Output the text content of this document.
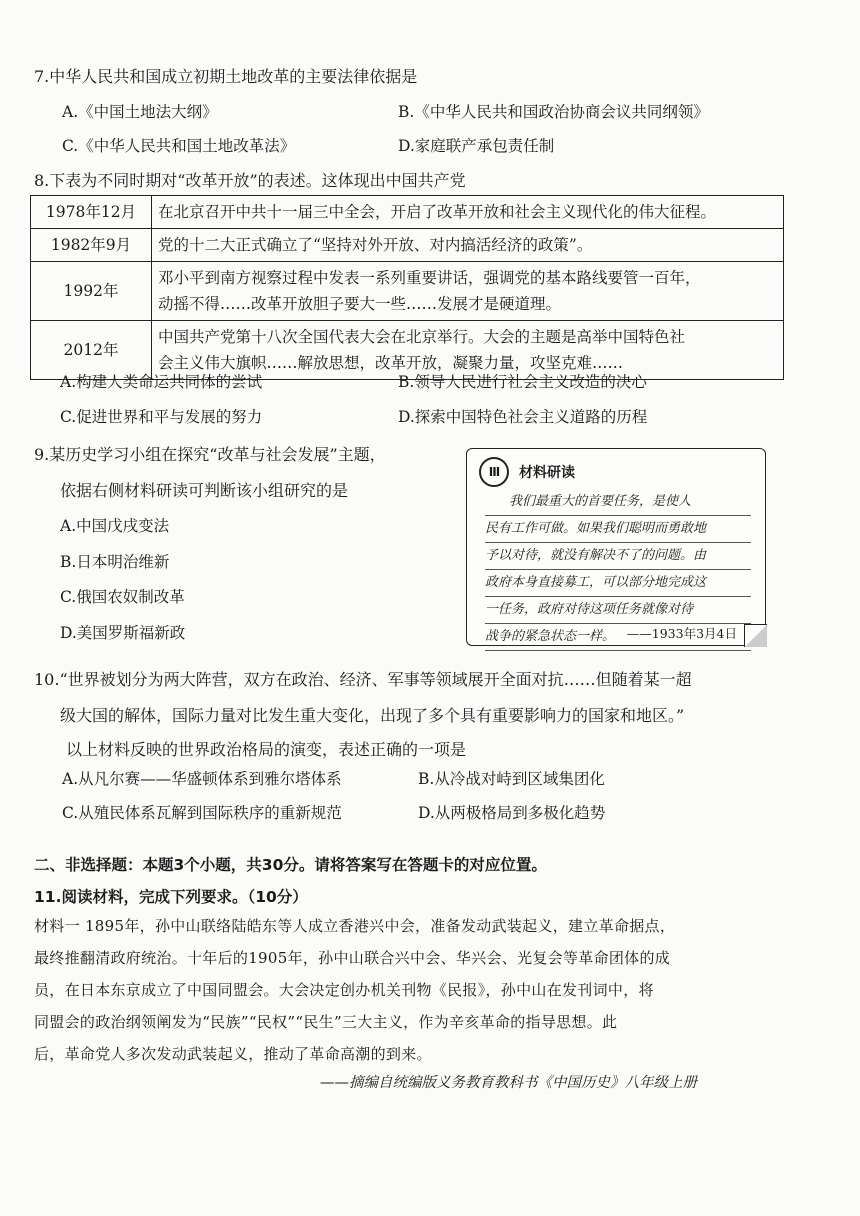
7.中华人民共和国成立初期土地改革的主要法律依据是
A.《中国土地法大纲》	B.《中华人民共和国政治协商会议共同纲领》
C.《中华人民共和国土地改革法》	D.家庭联产承包责任制
8.下表为不同时期对“改革开放”的表述。这体现出中国共产党
1978年12月	在北京召开中共十一届三中全会，开启了改革开放和社会主义现代化的伟大征程。
1982年9月	党的十二大正式确立了“坚持对外开放、对内搞活经济的政策”。
1992年	邓小平到南方视察过程中发表一系列重要讲话，强调党的基本路线要管一百年，
动摇不得……改革开放胆子要大一些……发展才是硬道理。

2012年	中国共产党第十八次全国代表大会在北京举行。大会的主题是高举中国特色社
会主义伟大旗帜……解放思想，改革开放，凝聚力量，攻坚克难……
A.构建人类命运共同体的尝试	B.领导人民进行社会主义改造的决心
C.促进世界和平与发展的努力	D.探索中国特色社会主义道路的历程
9.某历史学习小组在探究“改革与社会发展”主题，
依据右侧材料研读可判断该小组研究的是
A.中国戊戌变法
B.日本明治维新
C.俄国农奴制改革
D.美国罗斯福新政
III	材料研读
我们最重大的首要任务，是使人
民有工作可做。如果我们聪明而勇敢地
予以对待，就没有解决不了的问题。由
政府本身直接募工，可以部分地完成这
一任务，政府对待这项任务就像对待
战争的紧急状态一样。 ——1933年3月4日
10.“世界被划分为两大阵营，双方在政治、经济、军事等领域展开全面对抗……但随着某一超
级大国的解体，国际力量对比发生重大变化，出现了多个具有重要影响力的国家和地区。”
以上材料反映的世界政治格局的演变，表述正确的一项是
A.从凡尔赛——华盛顿体系到雅尔塔体系	B.从冷战对峙到区域集团化
C.从殖民体系瓦解到国际秩序的重新规范	D.从两极格局到多极化趋势
二、非选择题：本题3个小题，共30分。请将答案写在答题卡的对应位置。
11.阅读材料，完成下列要求。（10分）
材料一 1895年，孙中山联络陆皓东等人成立香港兴中会，准备发动武装起义，建立革命据点，
最终推翻清政府统治。十年后的1905年，孙中山联合兴中会、华兴会、光复会等革命团体的成
员，在日本东京成立了中国同盟会。大会决定创办机关刊物《民报》，孙中山在发刊词中，将
同盟会的政治纲领阐发为“民族”“民权”“民生”三大主义，作为辛亥革命的指导思想。此
后，革命党人多次发动武装起义，推动了革命高潮的到来。
——摘编自统编版义务教育教科书《中国历史》八年级上册
